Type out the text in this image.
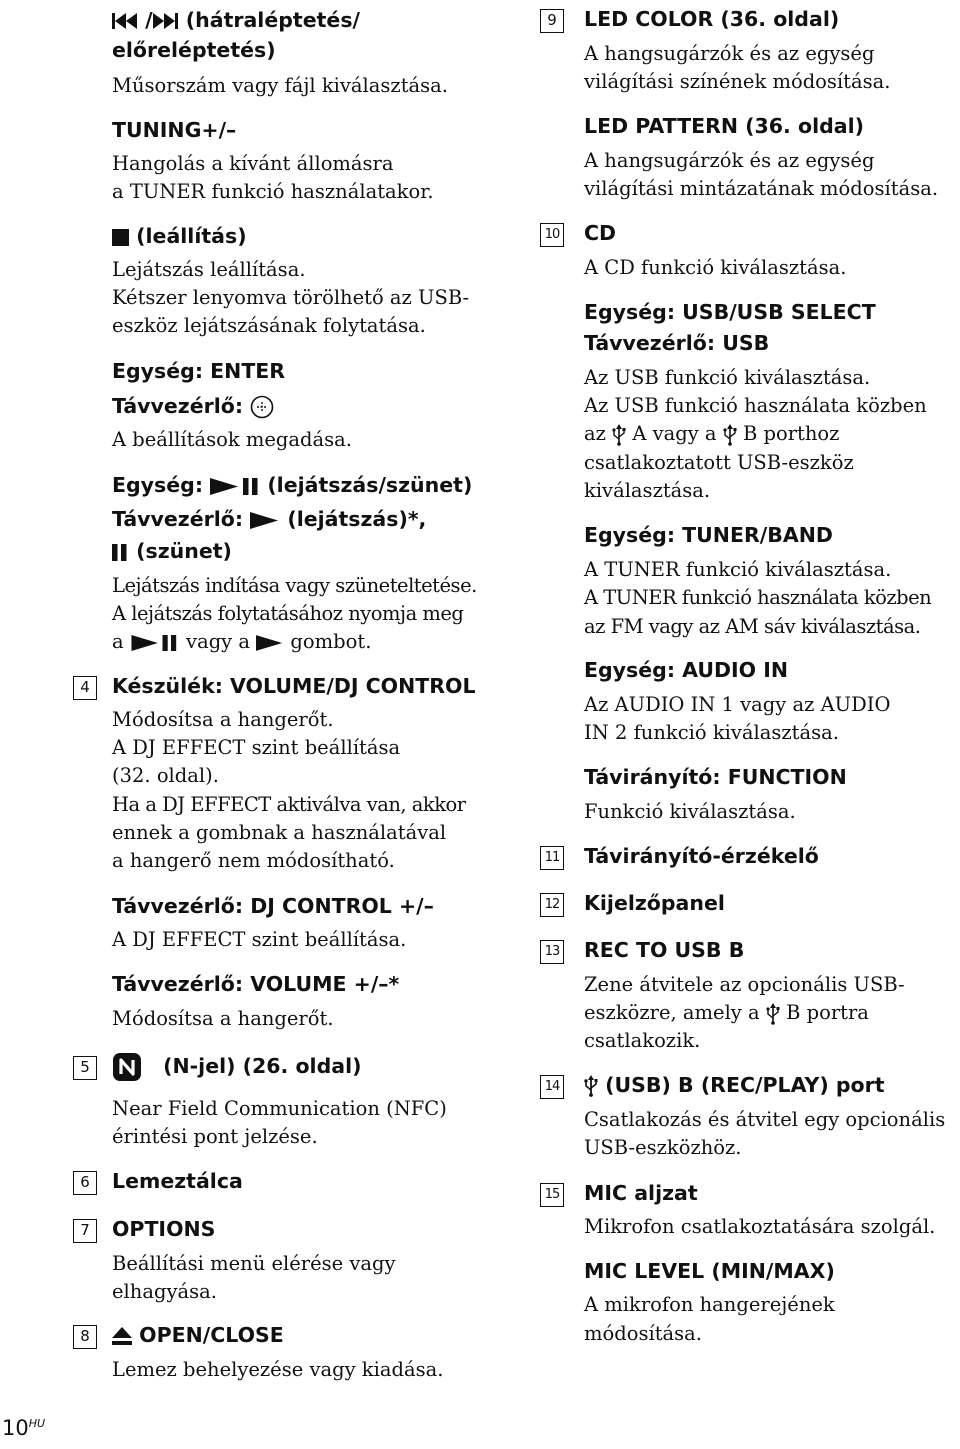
/ (hátraléptetés/
előreléptetés)
Műsorszám vagy fájl kiválasztása.
TUNING+/–
Hangolás a kívánt állomásra
a TUNER funkció használatakor.
(leállítás)
Lejátszás leállítása.
Kétszer lenyomva törölhető az USB-
eszköz lejátszásának folytatása.
Egység: ENTER
Távvezérlő:
A beállítások megadása.
Egység:	(lejátszás/szünet)
Távvezérlő: (lejátszás)*,
(szünet)
Lejátszás indítása vagy szüneteltetése.
A lejátszás folytatásához nyomja meg
a	vagy a gombot.
4	Készülék: VOLUME/DJ CONTROL
Módosítsa a hangerőt.
A DJ EFFECT szint beállítása
(32. oldal).
Ha a DJ EFFECT aktiválva van, akkor
ennek a gombnak a használatával
a hangerő nem módosítható.
Távvezérlő: DJ CONTROL +/–
A DJ EFFECT szint beállítása.
Távvezérlő: VOLUME +/–*
Módosítsa a hangerőt.
5	(N-jel) (26. oldal)
Near Field Communication (NFC)
érintési pont jelzése.
6	Lemeztálca
7	OPTIONS
Beállítási menü elérése vagy
elhagyása.
8	OPEN/CLOSE
Lemez behelyezése vagy kiadása.
9	LED COLOR (36. oldal)
A hangsugárzók és az egység
világítási színének módosítása.
LED PATTERN (36. oldal)
A hangsugárzók és az egység
világítási mintázatának módosítása.
10 CD
A CD funkció kiválasztása.
Egység: USB/USB SELECT
Távvezérlő: USB
Az USB funkció kiválasztása.
Az USB funkció használata közben
az A vagy a B porthoz
csatlakoztatott USB-eszköz
kiválasztása.
Egység: TUNER/BAND
A TUNER funkció kiválasztása.
A TUNER funkció használata közben
az FM vagy az AM sáv kiválasztása.
Egység: AUDIO IN
Az AUDIO IN 1 vagy az AUDIO
IN 2 funkció kiválasztása.
Távirányító: FUNCTION
Funkció kiválasztása.
11 Távirányító-érzékelő
12 Kijelzőpanel
13 REC TO USB B
Zene átvitele az opcionális USB-
eszközre, amely a B portra
csatlakozik.
14	(USB) B (REC/PLAY) port
Csatlakozás és átvitel egy opcionális
USB-eszközhöz.
15 MIC aljzat
Mikrofon csatlakoztatására szolgál.
MIC LEVEL (MIN/MAX)
A mikrofon hangerejének
módosítása.
$10^{HU}$
